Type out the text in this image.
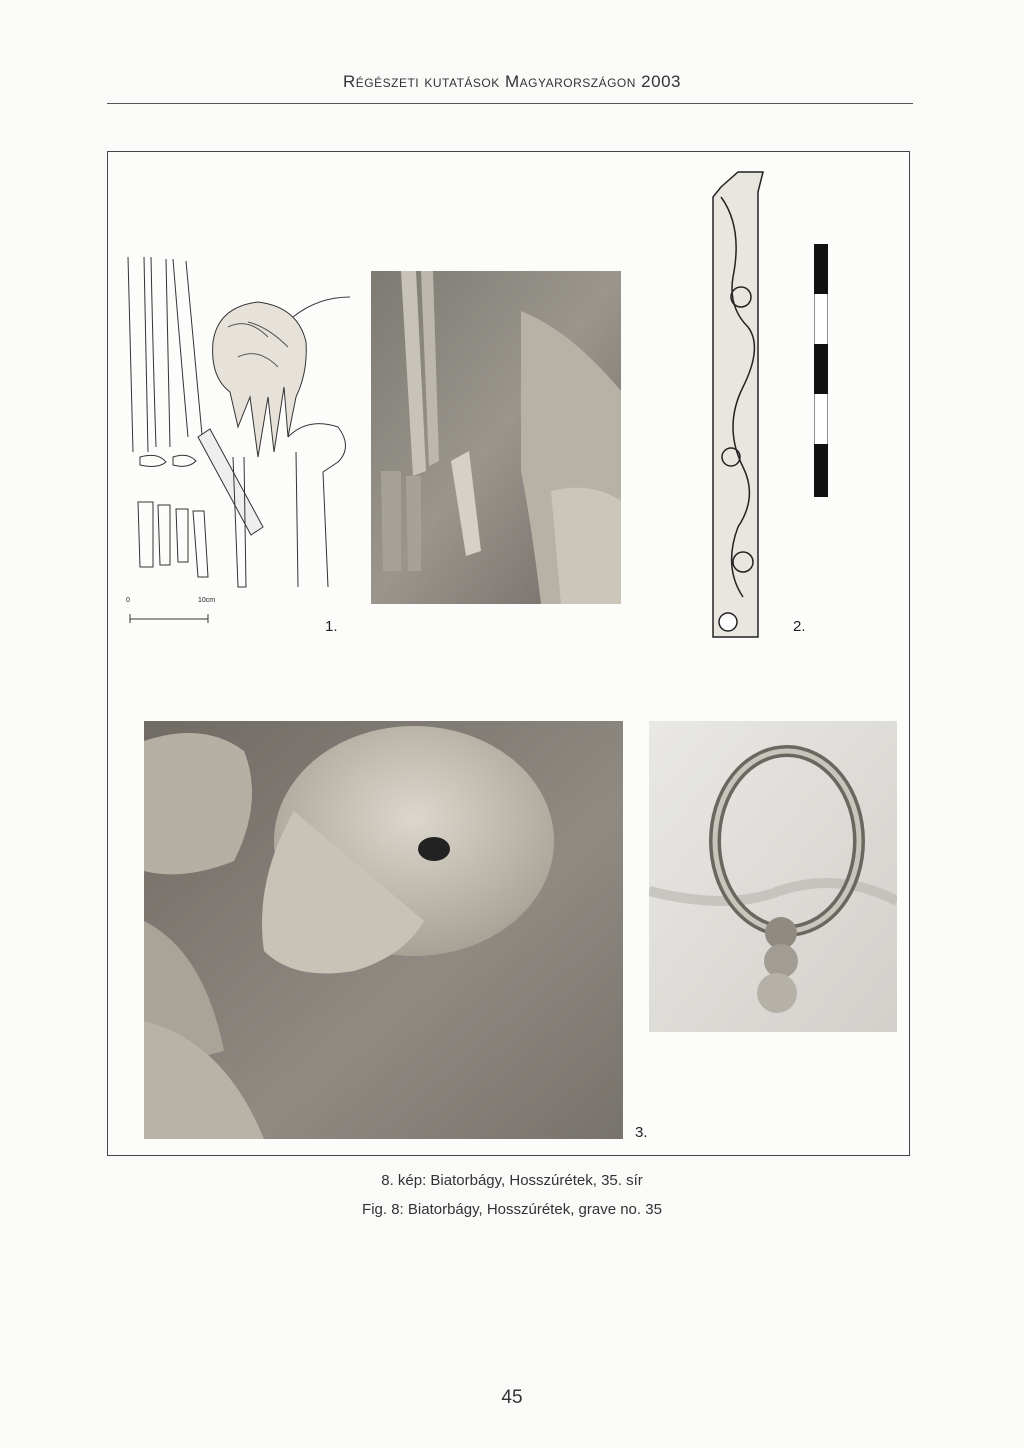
Régészeti kutatások Magyarországon 2003
0	10cm
1.	2.
3.
8. kép: Biatorbágy, Hosszúrétek, 35. sír
Fig. 8: Biatorbágy, Hosszúrétek, grave no. 35
45
